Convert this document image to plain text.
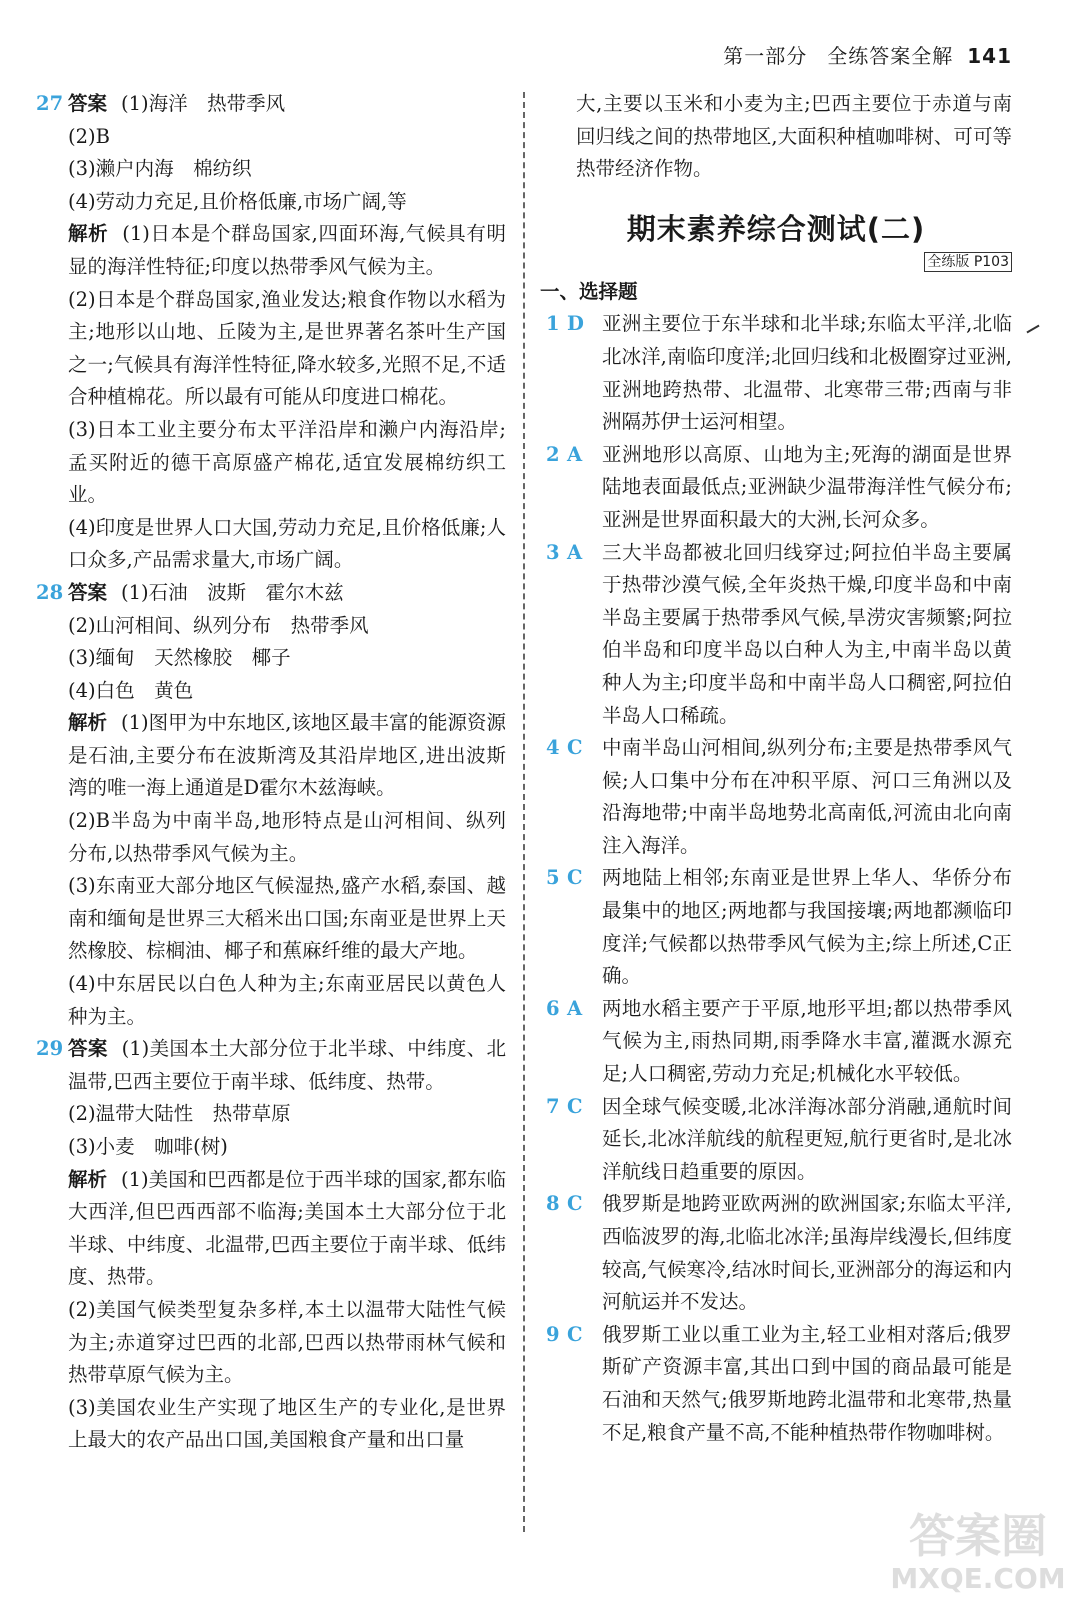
第一部分 全练答案全解 141
27 答案 (1)海洋　热带季风

(2)B

(3)濑户内海　棉纺织

(4)劳动力充足,且价格低廉,市场广阔,等

解析 (1)日本是个群岛国家,四面环海,气候具有明显的海洋性特征;印度以热带季风气候为主。

(2)日本是个群岛国家,渔业发达;粮食作物以水稻为主;地形以山地、丘陵为主,是世界著名茶叶生产国之一;气候具有海洋性特征,降水较多,光照不足,不适合种植棉花。所以最有可能从印度进口棉花。

(3)日本工业主要分布太平洋沿岸和濑户内海沿岸;孟买附近的德干高原盛产棉花,适宜发展棉纺织工业。

(4)印度是世界人口大国,劳动力充足,且价格低廉;人口众多,产品需求量大,市场广阔。

28 答案 (1)石油　波斯　霍尔木兹

(2)山河相间、纵列分布　热带季风

(3)缅甸　天然橡胶　椰子

(4)白色　黄色

解析 (1)图甲为中东地区,该地区最丰富的能源资源是石油,主要分布在波斯湾及其沿岸地区,进出波斯湾的唯一海上通道是D霍尔木兹海峡。

(2)B半岛为中南半岛,地形特点是山河相间、纵列分布,以热带季风气候为主。

(3)东南亚大部分地区气候湿热,盛产水稻,泰国、越南和缅甸是世界三大稻米出口国;东南亚是世界上天然橡胶、棕榈油、椰子和蕉麻纤维的最大产地。

(4)中东居民以白色人种为主;东南亚居民以黄色人种为主。

29 答案 (1)美国本土大部分位于北半球、中纬度、北温带,巴西主要位于南半球、低纬度、热带。

(2)温带大陆性　热带草原

(3)小麦　咖啡(树)

解析 (1)美国和巴西都是位于西半球的国家,都东临大西洋,但巴西西部不临海;美国本土大部分位于北半球、中纬度、北温带,巴西主要位于南半球、低纬度、热带。

(2)美国气候类型复杂多样,本土以温带大陆性气候为主;赤道穿过巴西的北部,巴西以热带雨林气候和热带草原气候为主。

(3)美国农业生产实现了地区生产的专业化,是世界上最大的农产品出口国,美国粮食产量和出口量

大,主要以玉米和小麦为主;巴西主要位于赤道与南回归线之间的热带地区,大面积种植咖啡树、可可等热带经济作物。

期末素养综合测试(二)
全练版 P103

一、选择题

1 D 亚洲主要位于东半球和北半球;东临太平洋,北临北冰洋,南临印度洋;北回归线和北极圈穿过亚洲,亚洲地跨热带、北温带、北寒带三带;西南与非洲隔苏伊士运河相望。
2 A 亚洲地形以高原、山地为主;死海的湖面是世界陆地表面最低点;亚洲缺少温带海洋性气候分布;亚洲是世界面积最大的大洲,长河众多。
3 A 三大半岛都被北回归线穿过;阿拉伯半岛主要属于热带沙漠气候,全年炎热干燥,印度半岛和中南半岛主要属于热带季风气候,旱涝灾害频繁;阿拉伯半岛和印度半岛以白种人为主,中南半岛以黄种人为主;印度半岛和中南半岛人口稠密,阿拉伯半岛人口稀疏。
4 C 中南半岛山河相间,纵列分布;主要是热带季风气候;人口集中分布在冲积平原、河口三角洲以及沿海地带;中南半岛地势北高南低,河流由北向南注入海洋。
5 C 两地陆上相邻;东南亚是世界上华人、华侨分布最集中的地区;两地都与我国接壤;两地都濒临印度洋;气候都以热带季风气候为主;综上所述,C正确。
6 A 两地水稻主要产于平原,地形平坦;都以热带季风气候为主,雨热同期,雨季降水丰富,灌溉水源充足;人口稠密,劳动力充足;机械化水平较低。
7 C 因全球气候变暖,北冰洋海冰部分消融,通航时间延长,北冰洋航线的航程更短,航行更省时,是北冰洋航线日趋重要的原因。
8 C 俄罗斯是地跨亚欧两洲的欧洲国家;东临太平洋,西临波罗的海,北临北冰洋;虽海岸线漫长,但纬度较高,气候寒冷,结冰时间长,亚洲部分的海运和内河航运并不发达。
9 C 俄罗斯工业以重工业为主,轻工业相对落后;俄罗斯矿产资源丰富,其出口到中国的商品最可能是石油和天然气;俄罗斯地跨北温带和北寒带,热量不足,粮食产量不高,不能种植热带作物咖啡树。
答案圈
MXQE.COM
